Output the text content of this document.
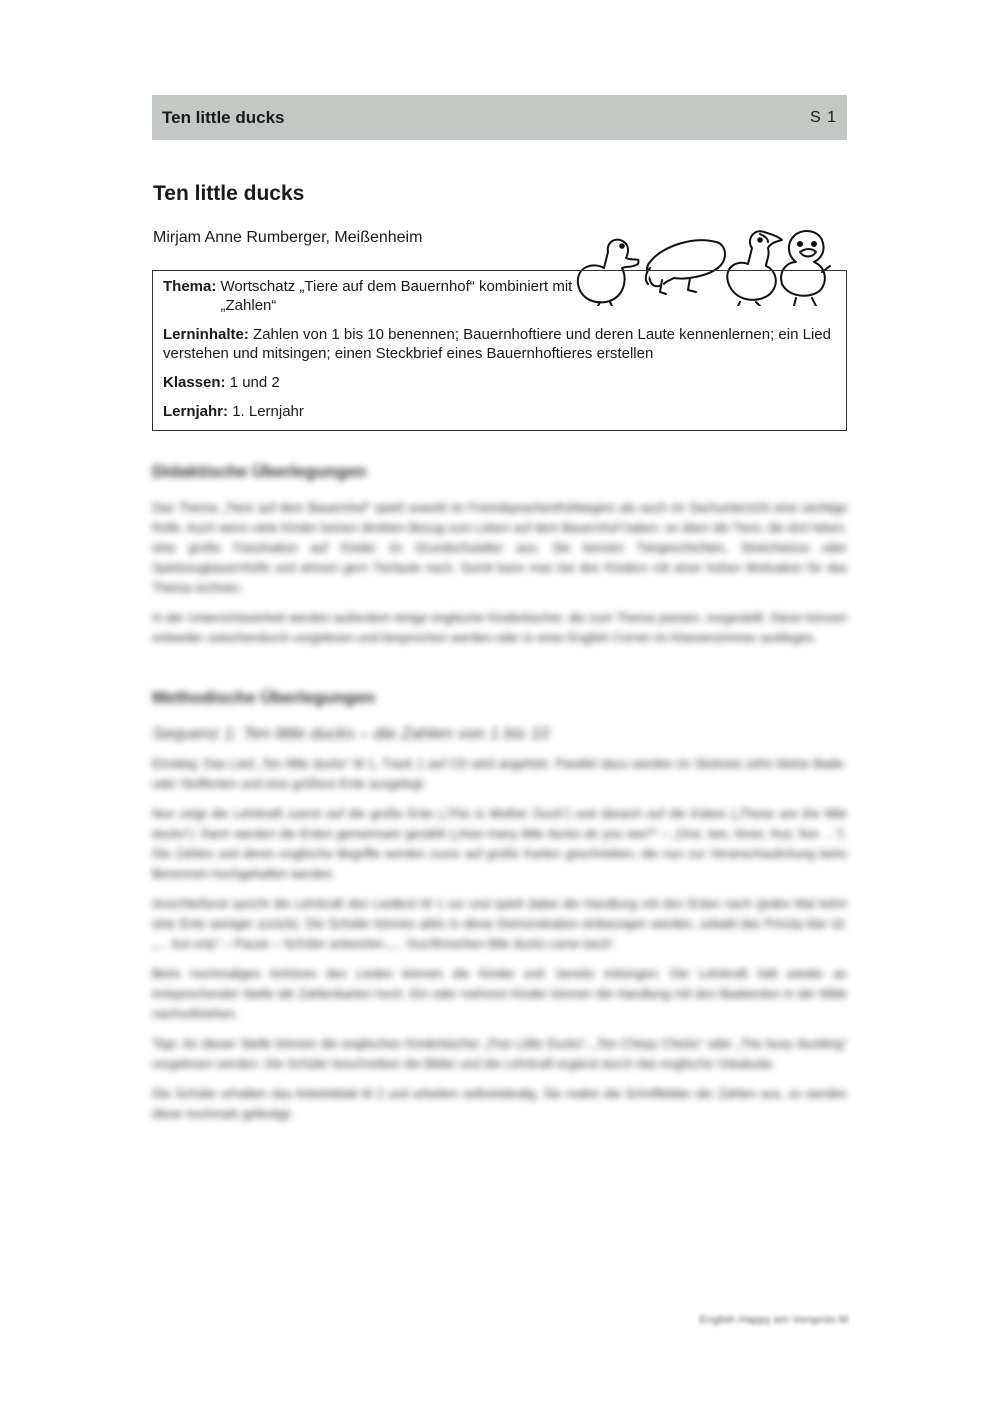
Ten little ducks	S 1
Ten little ducks
Mirjam Anne Rumberger, Meißenheim
Thema: Wortschatz „Tiere auf dem Bauernhof“ kombiniert mit „Zahlen“
Lerninhalte: Zahlen von 1 bis 10 benennen; Bauernhoftiere und deren Laute kennenlernen; ein Lied verstehen und mitsingen; einen Steckbrief eines Bauernhoftieres erstellen
Klassen: 1 und 2
Lernjahr: 1. Lernjahr
Didaktische Überlegungen

Das Thema „Tiere auf dem Bauernhof“ spielt sowohl im Fremdsprachenfrühbeginn als auch im Sachunterricht eine wichtige Rolle. Auch wenn viele Kinder keinen direkten Bezug zum Leben auf dem Bauernhof haben, so üben die Tiere, die dort leben, eine große Faszination auf Kinder im Grundschulalter aus. Sie kennen Tiergeschichten, Streichelzoo oder Spielzeugbauernhöfe und ahmen gern Tierlaute nach. Somit kann man bei den Kindern mit einer hohen Motivation für das Thema rechnen.

In der Unterrichtseinheit werden außerdem einige englische Kinderbücher, die zum Thema passen, vorgestellt. Diese können entweder zwischendurch vorgelesen und besprochen werden oder in einer English Corner im Klassenzimmer ausliegen.

Methodische Überlegungen
Sequenz 1: Ten little ducks – die Zahlen von 1 bis 10

Einstieg: Das Lied „Ten little ducks“ M 1, Track 1 auf CD wird angehört. Parallel dazu werden im Sitzkreis zehn kleine Bade- oder Stoffenten und eine größere Ente ausgelegt.

Nun zeigt die Lehrkraft zuerst auf die große Ente („This is Mother Duck“) und danach auf die Küken („These are the little ducks“). Dann werden die Enten gemeinsam gezählt („How many little ducks do you see?“ – „One, two, three, four, five …“). Die Zahlen und deren englische Begriffe werden zuvor auf große Karten geschrieben, die nun zur Veranschaulichung beim Benennen hochgehalten werden.

Anschließend spricht die Lehrkraft den Liedtext M 1 vor und spielt dabei die Handlung mit den Enten nach (jedes Mal kehrt eine Ente weniger zurück). Die Schüler können aktiv in diese Demonstration einbezogen werden, sobald das Prinzip klar ist: „… but only“ – Pause – Schüler antworten „… four/three/two little ducks came back“.

Beim nochmaligen Anhören des Liedes können die Kinder evtl. bereits mitsingen. Die Lehrkraft hält wieder an entsprechender Stelle die Zahlenkarten hoch. Ein oder mehrere Kinder können die Handlung mit den Badeenten in der Mitte nachvollziehen.

Tipp: An dieser Stelle können die englischen Kinderbücher „Five Little Ducks“, „Ten Chirpy Chicks“ oder „The busy duckling“ vorgelesen werden. Die Schüler beschreiben die Bilder und die Lehrkraft ergänzt durch das englische Vokabular.

Die Schüler erhalten das Arbeitsblatt M 2 und arbeiten selbstständig. Sie malen die Schriftbilder der Zahlen aus, so werden diese nochmals gefestigt.

English Happy am Vorsprün M
